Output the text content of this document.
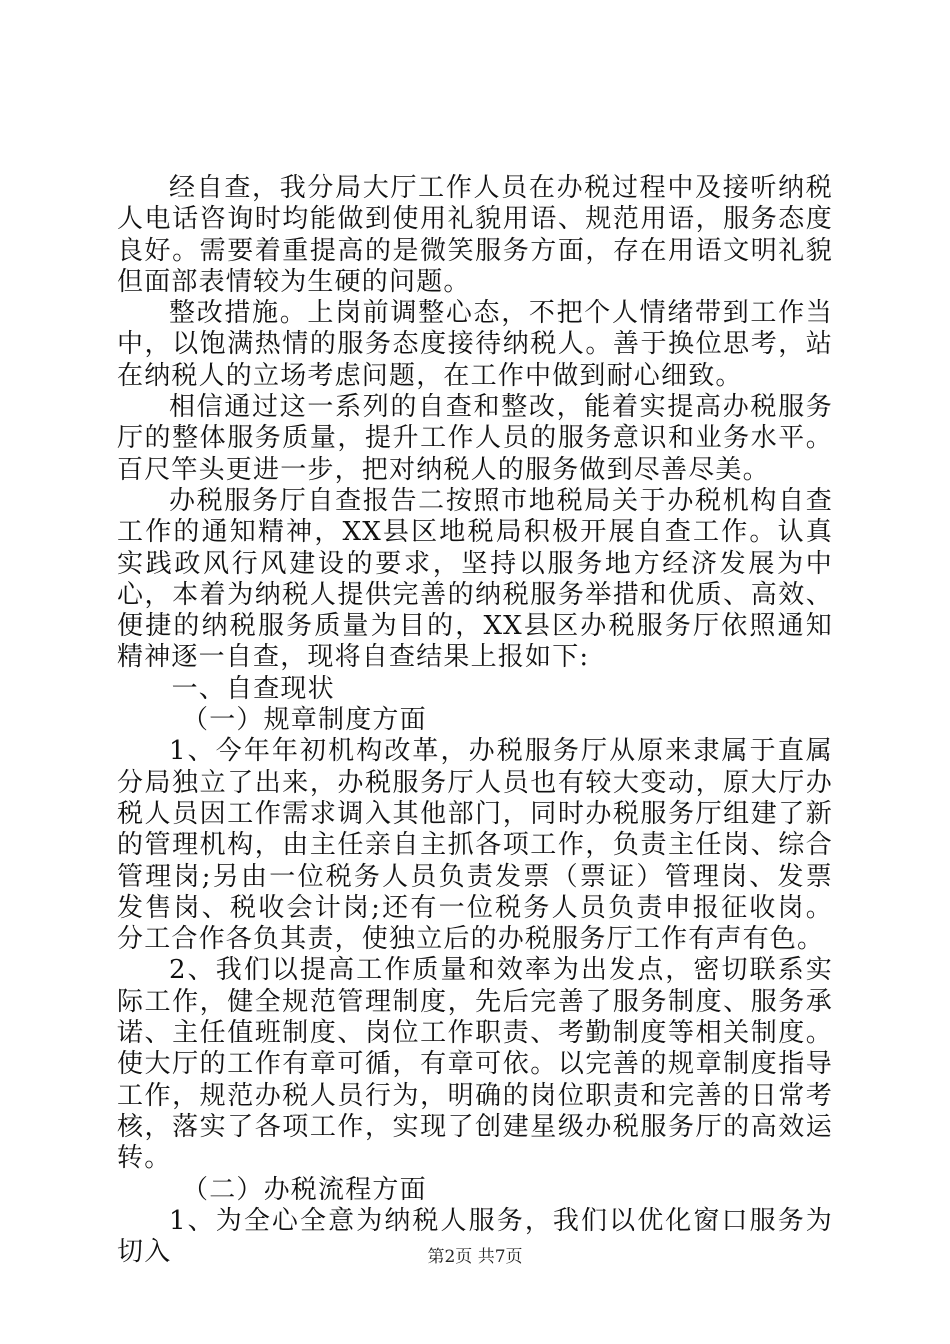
经自查，我分局大厅工作人员在办税过程中及接听纳税人电话咨询时均能做到使用礼貌用语、规范用语，服务态度良好。需要着重提高的是微笑服务方面，存在用语文明礼貌但面部表情较为生硬的问题。

整改措施。上岗前调整心态，不把个人情绪带到工作当中，以饱满热情的服务态度接待纳税人。善于换位思考，站在纳税人的立场考虑问题，在工作中做到耐心细致。

相信通过这一系列的自查和整改，能着实提高办税服务厅的整体服务质量，提升工作人员的服务意识和业务水平。百尺竿头更进一步，把对纳税人的服务做到尽善尽美。

办税服务厅自查报告二按照市地税局关于办税机构自查工作的通知精神，XX县区地税局积极开展自查工作。认真实践政风行风建设的要求，坚持以服务地方经济发展为中心，本着为纳税人提供完善的纳税服务举措和优质、高效、便捷的纳税服务质量为目的，XX县区办税服务厅依照通知精神逐一自查，现将自查结果上报如下:

一、自查现状

（一）规章制度方面

1、今年年初机构改革，办税服务厅从原来隶属于直属分局独立了出来，办税服务厅人员也有较大变动，原大厅办税人员因工作需求调入其他部门，同时办税服务厅组建了新的管理机构，由主任亲自主抓各项工作，负责主任岗、综合管理岗;另由一位税务人员负责发票（票证）管理岗、发票发售岗、税收会计岗;还有一位税务人员负责申报征收岗。分工合作各负其责，使独立后的办税服务厅工作有声有色。

2、我们以提高工作质量和效率为出发点，密切联系实际工作，健全规范管理制度，先后完善了服务制度、服务承诺、主任值班制度、岗位工作职责、考勤制度等相关制度。使大厅的工作有章可循，有章可依。以完善的规章制度指导工作，规范办税人员行为，明确的岗位职责和完善的日常考核，落实了各项工作，实现了创建星级办税服务厅的高效运转。

（二）办税流程方面

1、为全心全意为纳税人服务，我们以优化窗口服务为切入	第2页 共7页
